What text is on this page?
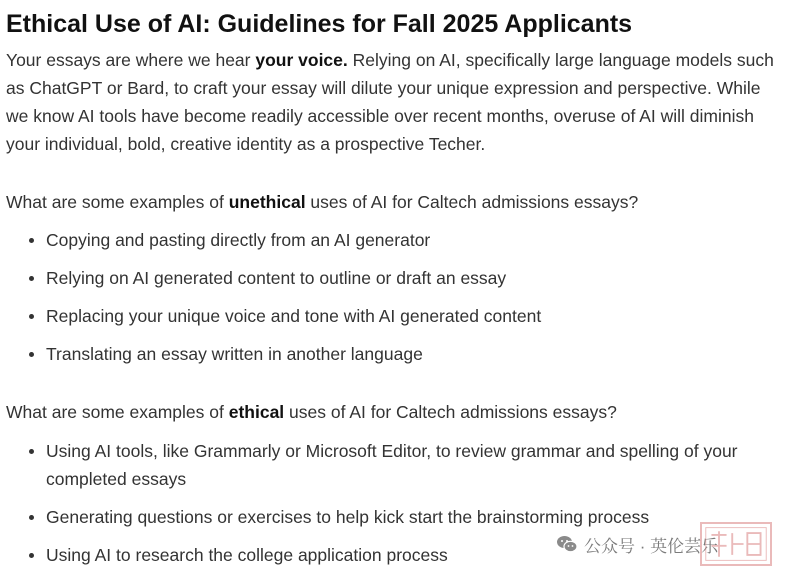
Ethical Use of AI: Guidelines for Fall 2025 Applicants

Your essays are where we hear your voice. Relying on AI, specifically large language models such as ChatGPT or Bard, to craft your essay will dilute your unique expression and perspective. While we know AI tools have become readily accessible over recent months, overuse of AI will diminish your individual, bold, creative identity as a prospective Techer.

What are some examples of unethical uses of AI for Caltech admissions essays?

Copying and pasting directly from an AI generator
Relying on AI generated content to outline or draft an essay
Replacing your unique voice and tone with AI generated content
Translating an essay written in another language

What are some examples of ethical uses of AI for Caltech admissions essays?

Using AI tools, like Grammarly or Microsoft Editor, to review grammar and spelling of your completed essays
Generating questions or exercises to help kick start the brainstorming process
Using AI to research the college application process	公众号 · 英伦芸乐
